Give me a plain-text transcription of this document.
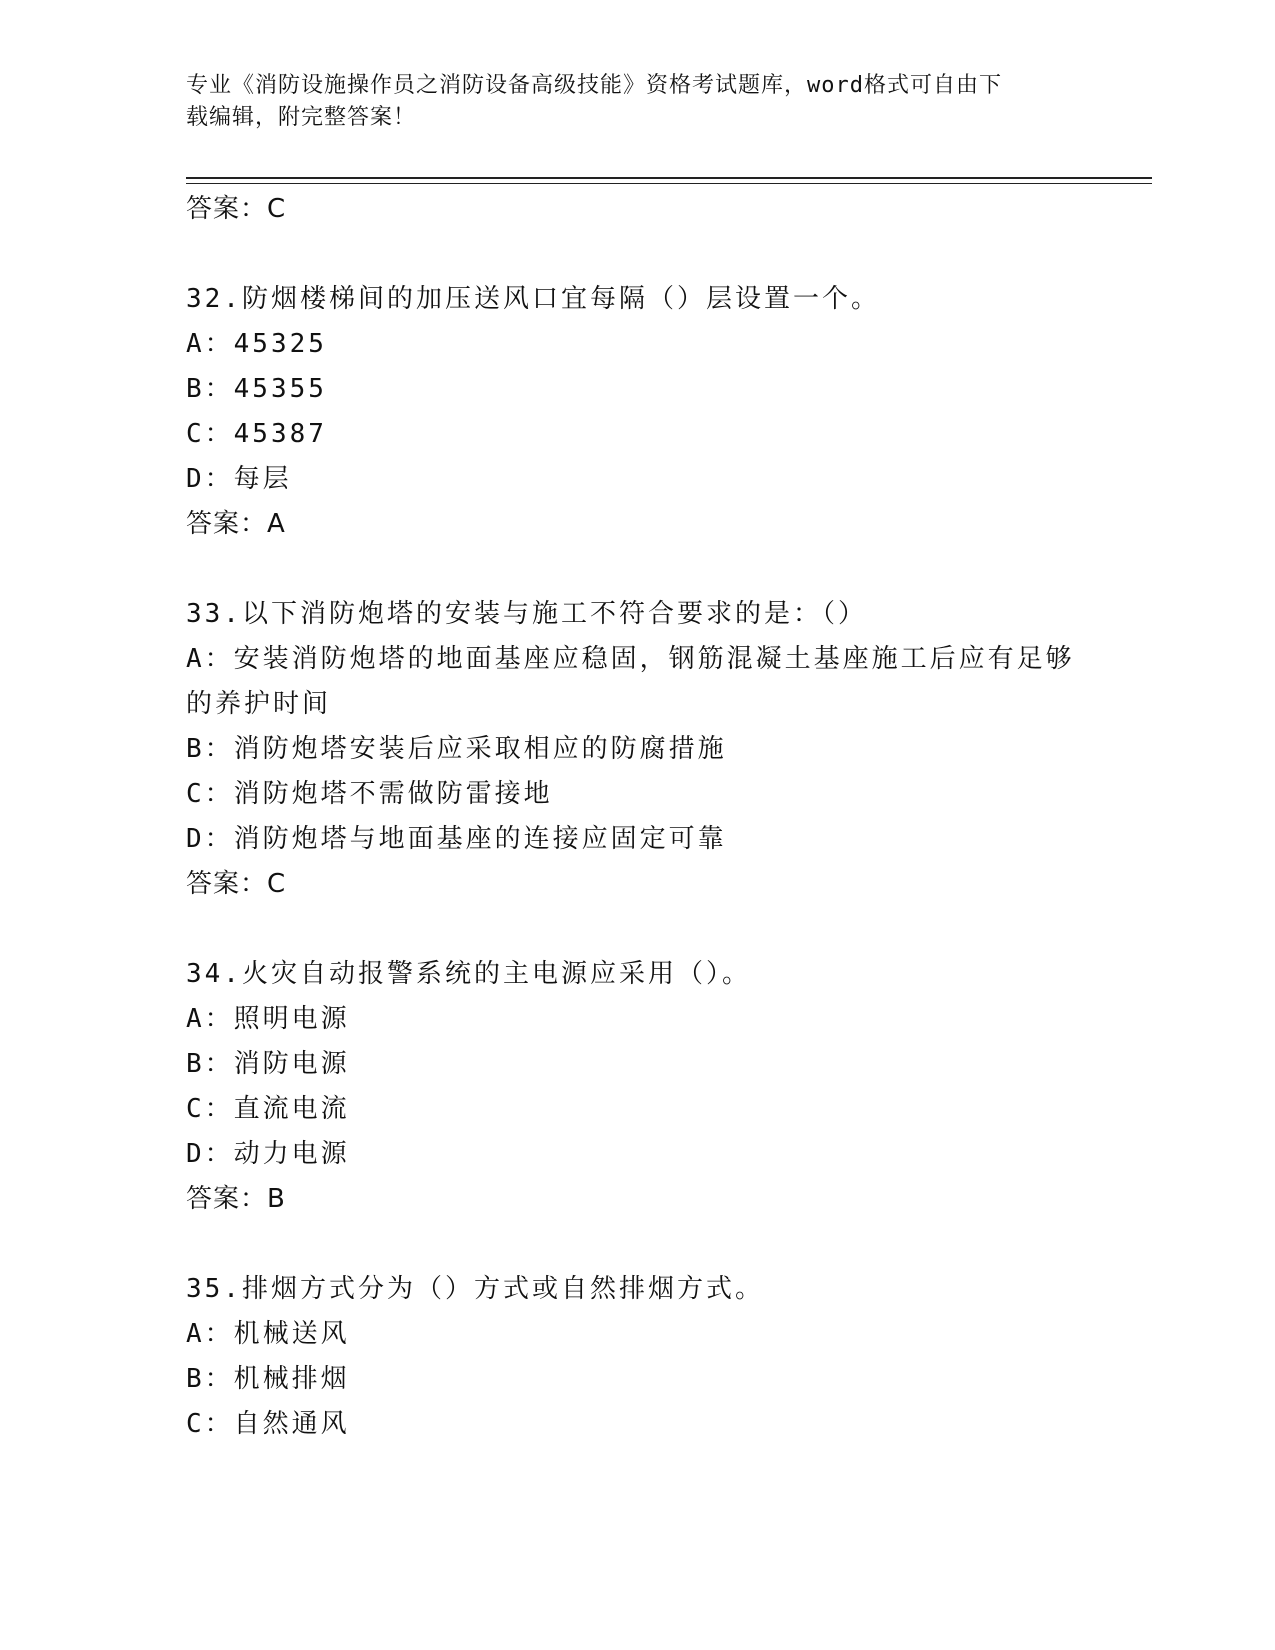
专业《消防设施操作员之消防设备高级技能》资格考试题库，word格式可自由下
载编辑，附完整答案！
答案：C
32.防烟楼梯间的加压送风口宜每隔（）层设置一个。
A：45325
B：45355
C：45387
D：每层
答案：A
33.以下消防炮塔的安装与施工不符合要求的是：（）
A：安装消防炮塔的地面基座应稳固，钢筋混凝土基座施工后应有足够
的养护时间
B：消防炮塔安装后应采取相应的防腐措施
C：消防炮塔不需做防雷接地
D：消防炮塔与地面基座的连接应固定可靠
答案：C
34.火灾自动报警系统的主电源应采用（）。
A：照明电源
B：消防电源
C：直流电流
D：动力电源
答案：B
35.排烟方式分为（）方式或自然排烟方式。
A：机械送风
B：机械排烟
C：自然通风
